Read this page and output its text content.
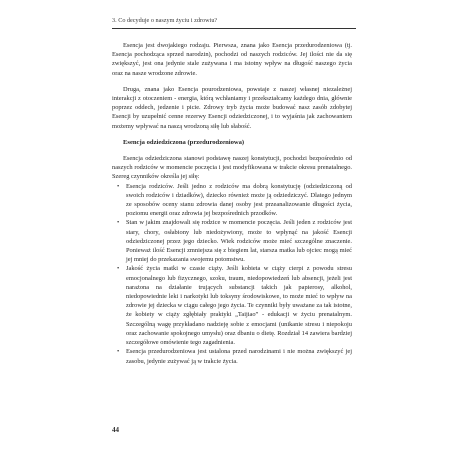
3. Co decyduje o naszym życiu i zdrowiu?

Esencja jest dwojakiego rodzaju. Pierwsza, znana jako Esencja przedurodzeniowa (tj. Esencja pochodząca sprzed narodzin), pochodzi od naszych rodziców. Jej ilości nie da się zwiększyć, jest ona jedynie stale zużywana i ma istotny wpływ na długość naszego życia oraz na nasze wrodzone zdrowie.

Druga, znana jako Esencja pourodzeniowa, powstaje z naszej własnej niezależnej interakcji z otoczeniem - energia, którą wchłaniamy i przekształcamy każdego dnia, głównie poprzez oddech, jedzenie i picie. Zdrowy tryb życia może budować nasz zasób zdobytej Esencji by uzupełnić cenne rezerwy Esencji odziedziczonej, i to wyjaśnia jak zachowaniem możemy wpływać na naszą wrodzoną siłę lub słabość.

Esencja odziedziczona (przedurodzeniowa)

Esencja odziedziczona stanowi podstawę naszej konstytucji, pochodzi bezpośrednio od naszych rodziców w momencie poczęcia i jest modyfikowana w trakcie okresu prenatalnego. Szereg czynników określa jej siłę:

• Esencja rodziców. Jeśli jedno z rodziców ma dobrą konstytucję (odziedziczoną od swoich rodziców i dziadków), dziecko również może ją odziedziczyć. Dlatego jednym ze sposobów oceny stanu zdrowia danej osoby jest przeanalizowanie długości życia, poziomu energii oraz zdrowia jej bezpośrednich przodków.
• Stan w jakim znajdowali się rodzice w momencie poczęcia. Jeśli jeden z rodziców jest stary, chory, osłabiony lub niedożywiony, może to wpłynąć na jakość Esencji odziedziczonej przez jego dziecko. Wiek rodziców może mieć szczególne znaczenie. Ponieważ ilość Esencji zmniejsza się z biegiem lat, starsza matka lub ojciec mogą mieć jej mniej do przekazania swojemu potomstwu.
• Jakość życia matki w czasie ciąży. Jeśli kobieta w ciąży cierpi z powodu stresu emocjonalnego lub fizycznego, szoku, traum, niedopowiedzeń lub absencji, jeżeli jest narażona na działanie trujących substancji takich jak papierosy, alkohol, niedopowiednie leki i narkotyki lub toksyny środowiskowe, to może mieć to wpływ na zdrowie jej dziecka w ciągu całego jego życia. Te czynniki były uważane za tak istotne, że kobiety w ciąży zgłębiały praktyki „Taijiao” - edukacji w życiu prenatalnym. Szczególną wagę przykładano nadzieję sobie z emocjami (unikanie stresu i niepokoju oraz zachowanie spokojnego umysłu) oraz dbaniu o dietę. Rozdział 14 zawiera bardziej szczegółowe omówienie tego zagadnienia.
• Esencja przedurodzeniowa jest ustalona przed narodzinami i nie można zwiększyć jej zasobu, jedynie zużywać ją w trakcie życia.
44
